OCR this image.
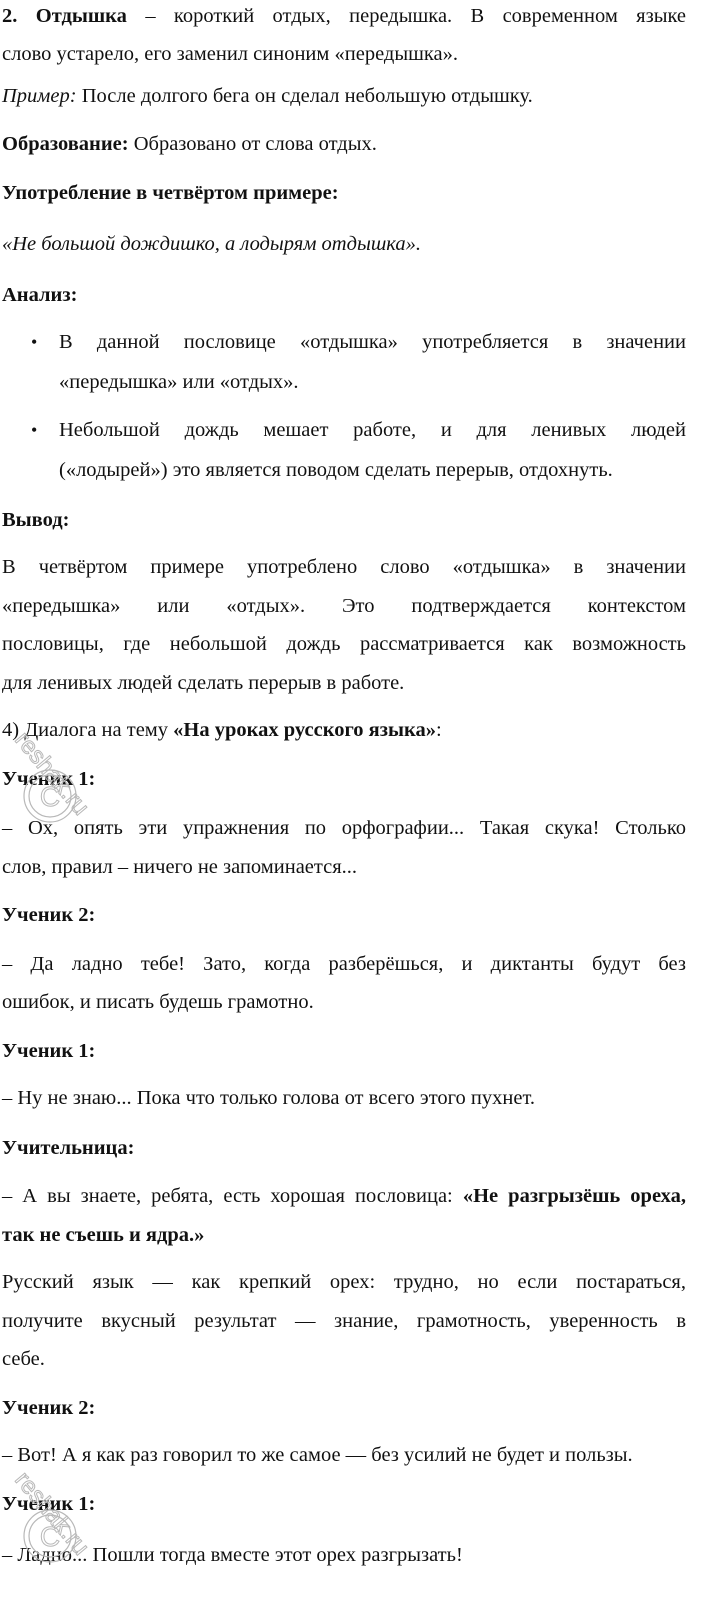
2. Отдышка – короткий отдых, передышка. В современном языке
слово устарело, его заменил синоним «передышка».
Пример: После долгого бега он сделал небольшую отдышку.
Образование: Образовано от слова отдых.
Употребление в четвёртом примере:
«Не большой дождишко, а лодырям отдышка».
Анализ:
• В данной пословице «отдышка» употребляется в значении
«передышка» или «отдых».
• Небольшой дождь мешает работе, и для ленивых людей
(«лодырей») это является поводом сделать перерыв, отдохнуть.
Вывод:
В четвёртом примере употреблено слово «отдышка» в значении
«передышка» или «отдых». Это подтверждается контекстом
пословицы, где небольшой дождь рассматривается как возможность
для ленивых людей сделать перерыв в работе.
4) Диалога на тему «На уроках русского языка»:
Ученик 1:
– Ох, опять эти упражнения по орфографии... Такая скука! Столько
слов, правил – ничего не запоминается...
Ученик 2:
– Да ладно тебе! Зато, когда разберёшься, и диктанты будут без
ошибок, и писать будешь грамотно.
Ученик 1:
– Ну не знаю... Пока что только голова от всего этого пухнет.
Учительница:
– А вы знаете, ребята, есть хорошая пословица: «Не разгрызёшь ореха,
так не съешь и ядра.»
Русский язык — как крепкий орех: трудно, но если постараться,
получите вкусный результат — знание, грамотность, уверенность в
себе.
Ученик 2:
– Вот! А я как раз говорил то же самое — без усилий не будет и пользы.
Ученик 1:
– Ладно... Пошли тогда вместе этот орех разгрызать!
